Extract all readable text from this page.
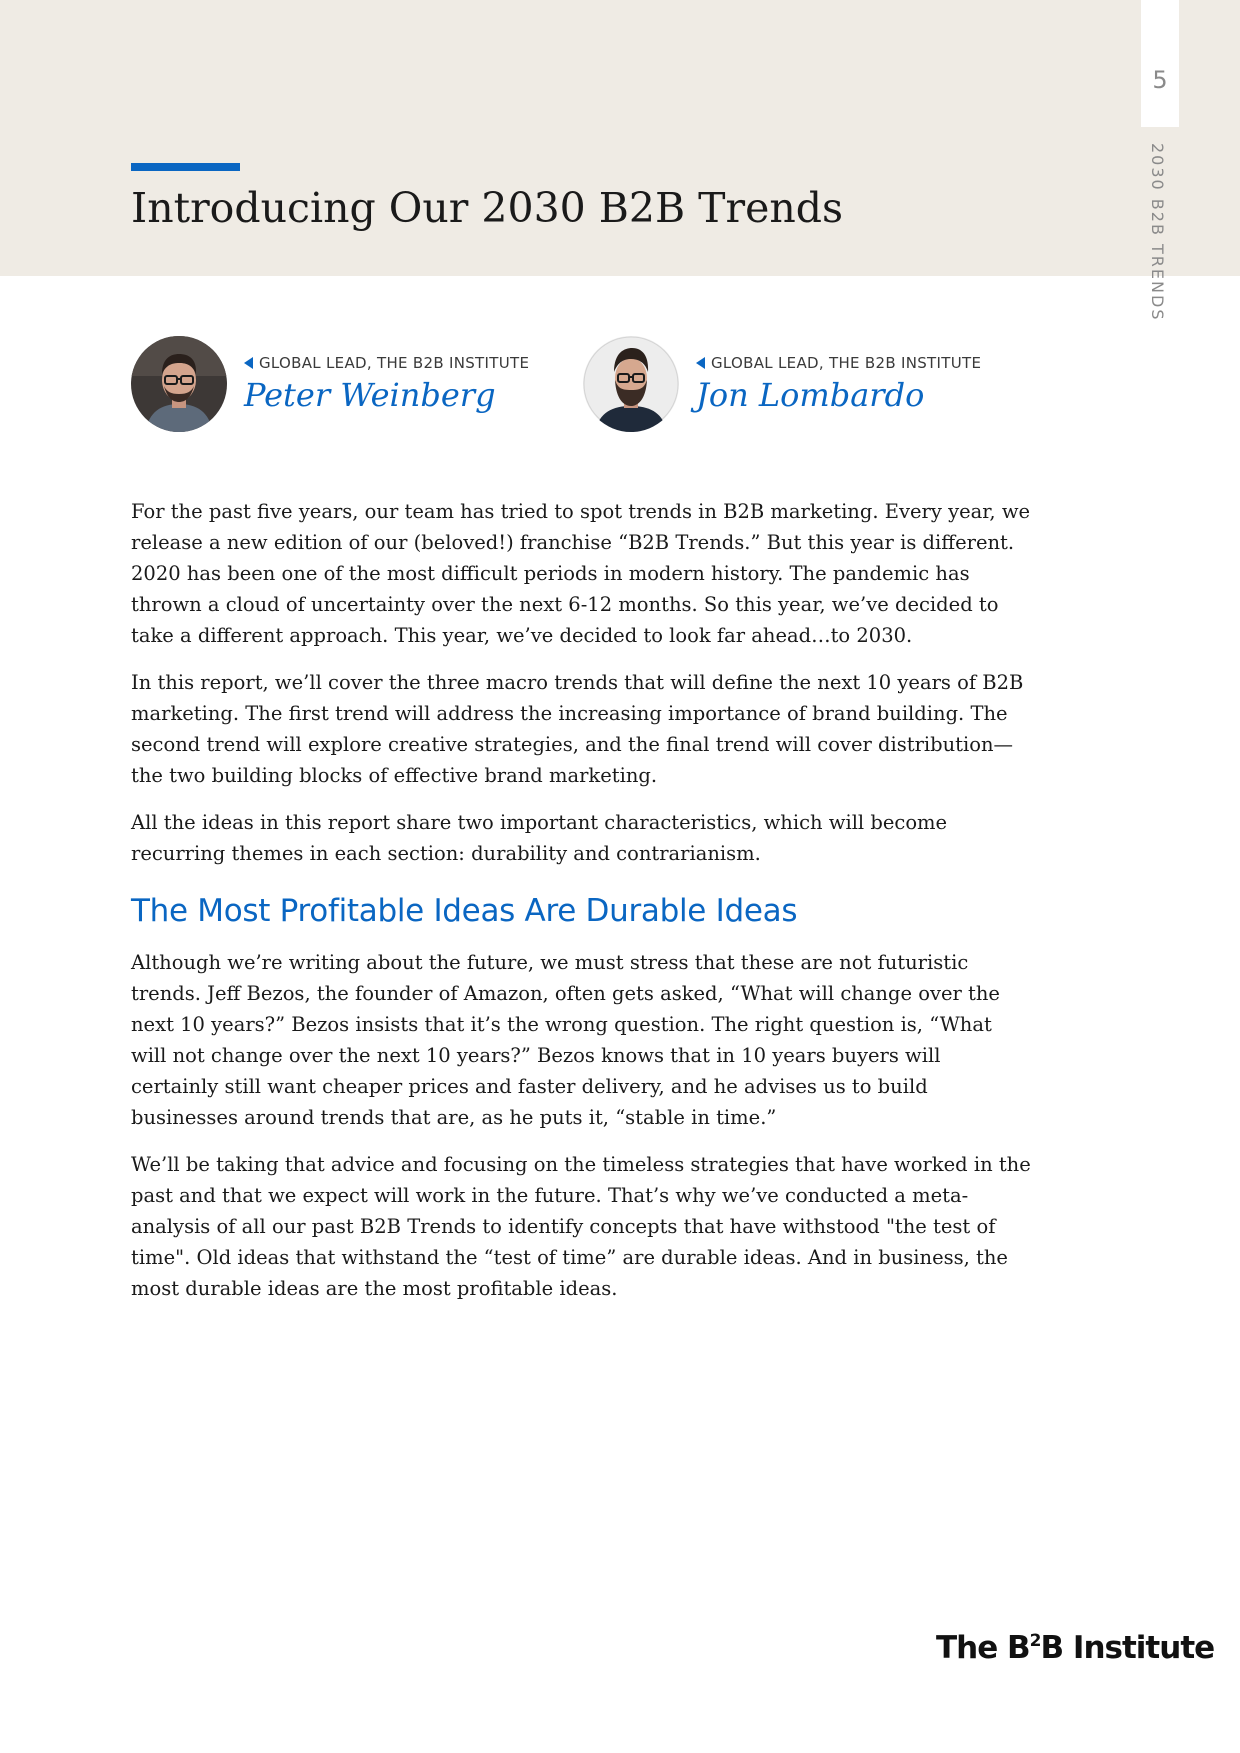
Introducing Our 2030 B2B Trends
5
2030 B2B TRENDS
GLOBAL LEAD, THE B2B INSTITUTE
Peter Weinberg
GLOBAL LEAD, THE B2B INSTITUTE
Jon Lombardo

For the past five years, our team has tried to spot trends in B2B marketing. Every year, we release a new edition of our (beloved!) franchise “B2B Trends.” But this year is different. 2020 has been one of the most difficult periods in modern history. The pandemic has thrown a cloud of uncertainty over the next 6-12 months. So this year, we’ve decided to take a different approach. This year, we’ve decided to look far ahead…to 2030.

In this report, we’ll cover the three macro trends that will define the next 10 years of B2B marketing. The first trend will address the increasing importance of brand building. The second trend will explore creative strategies, and the final trend will cover distribution—the two building blocks of effective brand marketing.

All the ideas in this report share two important characteristics, which will become recurring themes in each section: durability and contrarianism.

The Most Profitable Ideas Are Durable Ideas

Although we’re writing about the future, we must stress that these are not futuristic trends. Jeff Bezos, the founder of Amazon, often gets asked, “What will change over the next 10 years?” Bezos insists that it’s the wrong question. The right question is, “What will not change over the next 10 years?” Bezos knows that in 10 years buyers will certainly still want cheaper prices and faster delivery, and he advises us to build businesses around trends that are, as he puts it, “stable in time.”

We’ll be taking that advice and focusing on the timeless strategies that have worked in the past and that we expect will work in the future. That’s why we’ve conducted a meta-analysis of all our past B2B Trends to identify concepts that have withstood "the test of time". Old ideas that withstand the “test of time” are durable ideas. And in business, the most durable ideas are the most profitable ideas.

The $B^2B$ Institute
